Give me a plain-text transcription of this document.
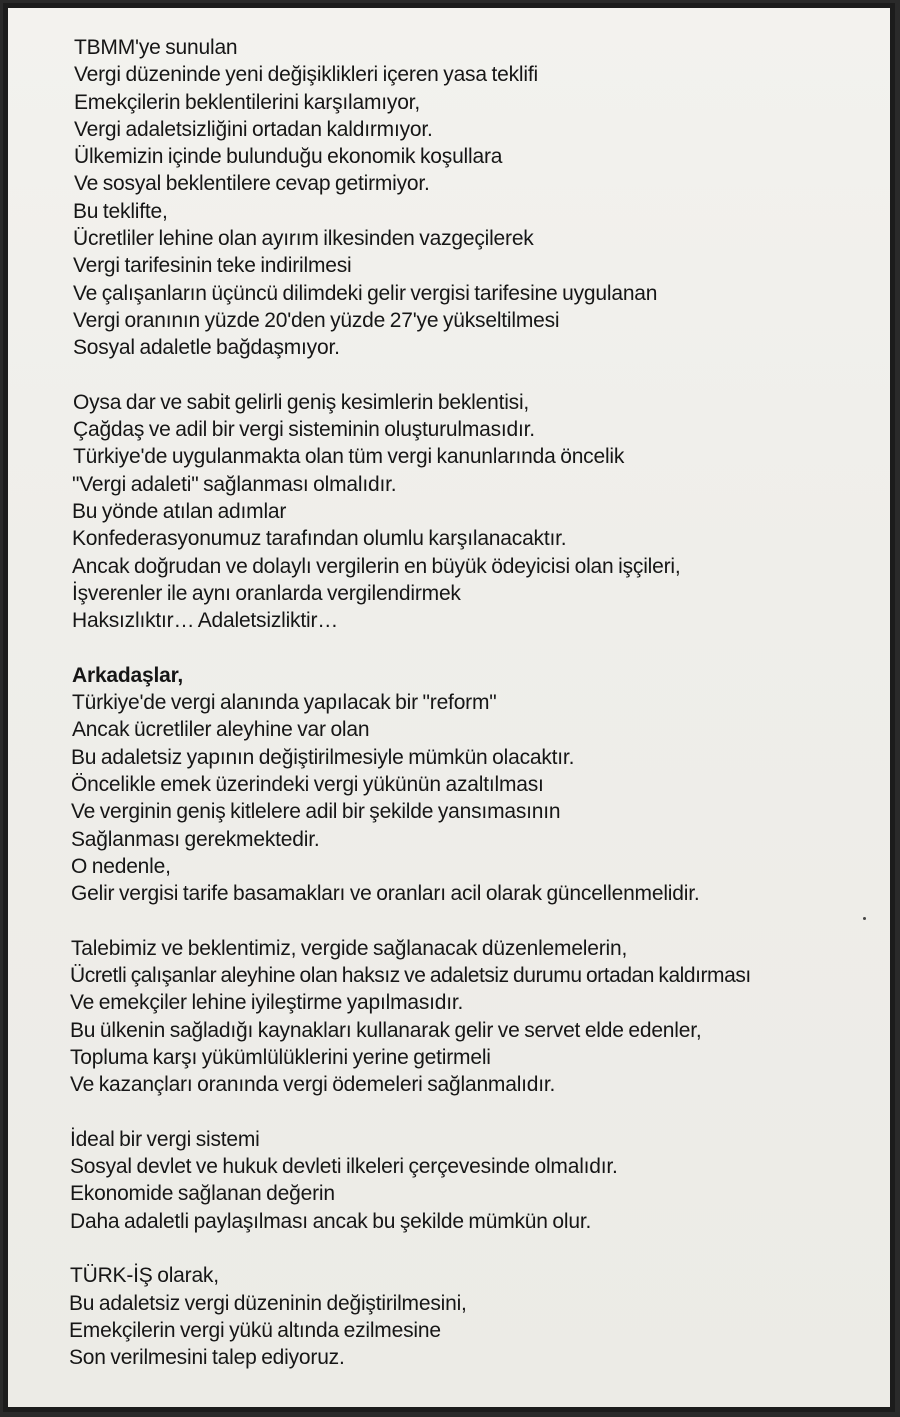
TBMM'ye sunulan
Vergi düzeninde yeni değişiklikleri içeren yasa teklifi
Emekçilerin beklentilerini karşılamıyor,
Vergi adaletsizliğini ortadan kaldırmıyor.
Ülkemizin içinde bulunduğu ekonomik koşullara
Ve sosyal beklentilere cevap getirmiyor.
Bu teklifte,
Ücretliler lehine olan ayırım ilkesinden vazgeçilerek
Vergi tarifesinin teke indirilmesi
Ve çalışanların üçüncü dilimdeki gelir vergisi tarifesine uygulanan
Vergi oranının yüzde 20'den yüzde 27'ye yükseltilmesi
Sosyal adaletle bağdaşmıyor.
Oysa dar ve sabit gelirli geniş kesimlerin beklentisi,
Çağdaş ve adil bir vergi sisteminin oluşturulmasıdır.
Türkiye'de uygulanmakta olan tüm vergi kanunlarında öncelik
"Vergi adaleti" sağlanması olmalıdır.
Bu yönde atılan adımlar
Konfederasyonumuz tarafından olumlu karşılanacaktır.
Ancak doğrudan ve dolaylı vergilerin en büyük ödeyicisi olan işçileri,
İşverenler ile aynı oranlarda vergilendirmek
Haksızlıktır… Adaletsizliktir…
Arkadaşlar,
Türkiye'de vergi alanında yapılacak bir "reform"
Ancak ücretliler aleyhine var olan
Bu adaletsiz yapının değiştirilmesiyle mümkün olacaktır.
Öncelikle emek üzerindeki vergi yükünün azaltılması
Ve verginin geniş kitlelere adil bir şekilde yansımasının
Sağlanması gerekmektedir.
O nedenle,
Gelir vergisi tarife basamakları ve oranları acil olarak güncellenmelidir.
Talebimiz ve beklentimiz, vergide sağlanacak düzenlemelerin,
Ücretli çalışanlar aleyhine olan haksız ve adaletsiz durumu ortadan kaldırması
Ve emekçiler lehine iyileştirme yapılmasıdır.
Bu ülkenin sağladığı kaynakları kullanarak gelir ve servet elde edenler,
Topluma karşı yükümlülüklerini yerine getirmeli
Ve kazançları oranında vergi ödemeleri sağlanmalıdır.
İdeal bir vergi sistemi
Sosyal devlet ve hukuk devleti ilkeleri çerçevesinde olmalıdır.
Ekonomide sağlanan değerin
Daha adaletli paylaşılması ancak bu şekilde mümkün olur.
TÜRK-İŞ olarak,
Bu adaletsiz vergi düzeninin değiştirilmesini,
Emekçilerin vergi yükü altında ezilmesine
Son verilmesini talep ediyoruz.
